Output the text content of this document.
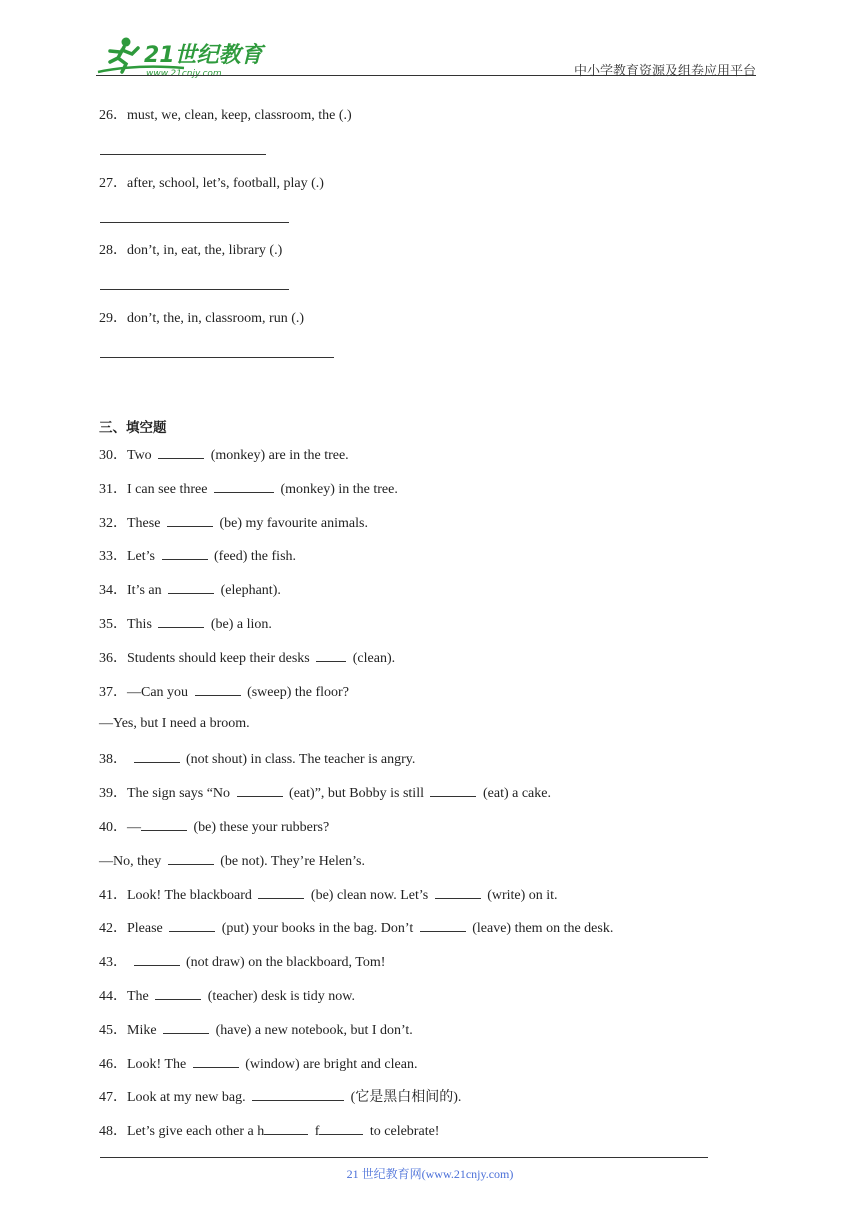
21世纪教育
www.21cnjy.com	中小学教育资源及组卷应用平台
26．must, we, clean, keep, classroom, the (.)
27．after, school, let’s, football, play (.)
28．don’t, in, eat, the, library (.)
29．don’t, the, in, classroom, run (.)
三、填空题
30．Two	(monkey) are in the tree.
31．I can see three	(monkey) in the tree.
32．These	(be) my favourite animals.
33．Let’s	(feed) the fish.
34．It’s an	(elephant).
35．This	(be) a lion.
36．Students should keep their desks	(clean).
37．—Can you	(sweep) the floor?
—Yes, but I need a broom.
38．	(not shout) in class. The teacher is angry.
39．The sign says “No	(eat)”, but Bobby is still	(eat) a cake.
40．—	(be) these your rubbers?
—No, they	(be not). They’re Helen’s.
41．Look! The blackboard	(be) clean now. Let’s	(write) on it.
42．Please	(put) your books in the bag. Don’t	(leave) them on the desk.
43．	(not draw) on the blackboard, Tom!
44．The	(teacher) desk is tidy now.
45．Mike	(have) a new notebook, but I don’t.
46．Look! The	(window) are bright and clean.
47．Look at my new bag.	(它是黑白相间的).
48．Let’s give each other a h	f	to celebrate!
21 世纪教育网(www.21cnjy.com)
